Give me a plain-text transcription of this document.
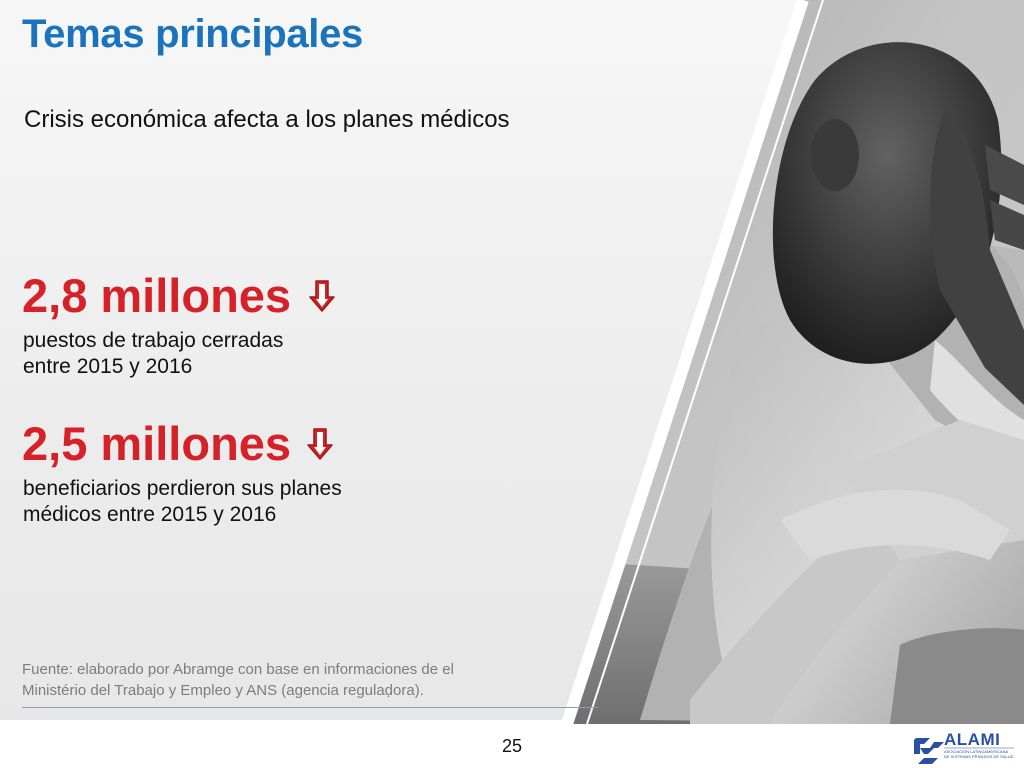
Temas principales

Crisis económica afecta a los planes médicos

2,8 millones
puestos de trabajo cerradas
entre 2015 y 2016
2,5 millones
beneficiarios perdieron sus planes
médicos entre 2015 y 2016
Fuente: elaborado por Abramge con base en informaciones de el
Ministério del Trabajo y Empleo y ANS (agencia regulaḍora).
25	ALAMI
ASOCIACIÓN LATINOAMERICANA
DE SISTEMAS PRIVADOS DE SALUD
